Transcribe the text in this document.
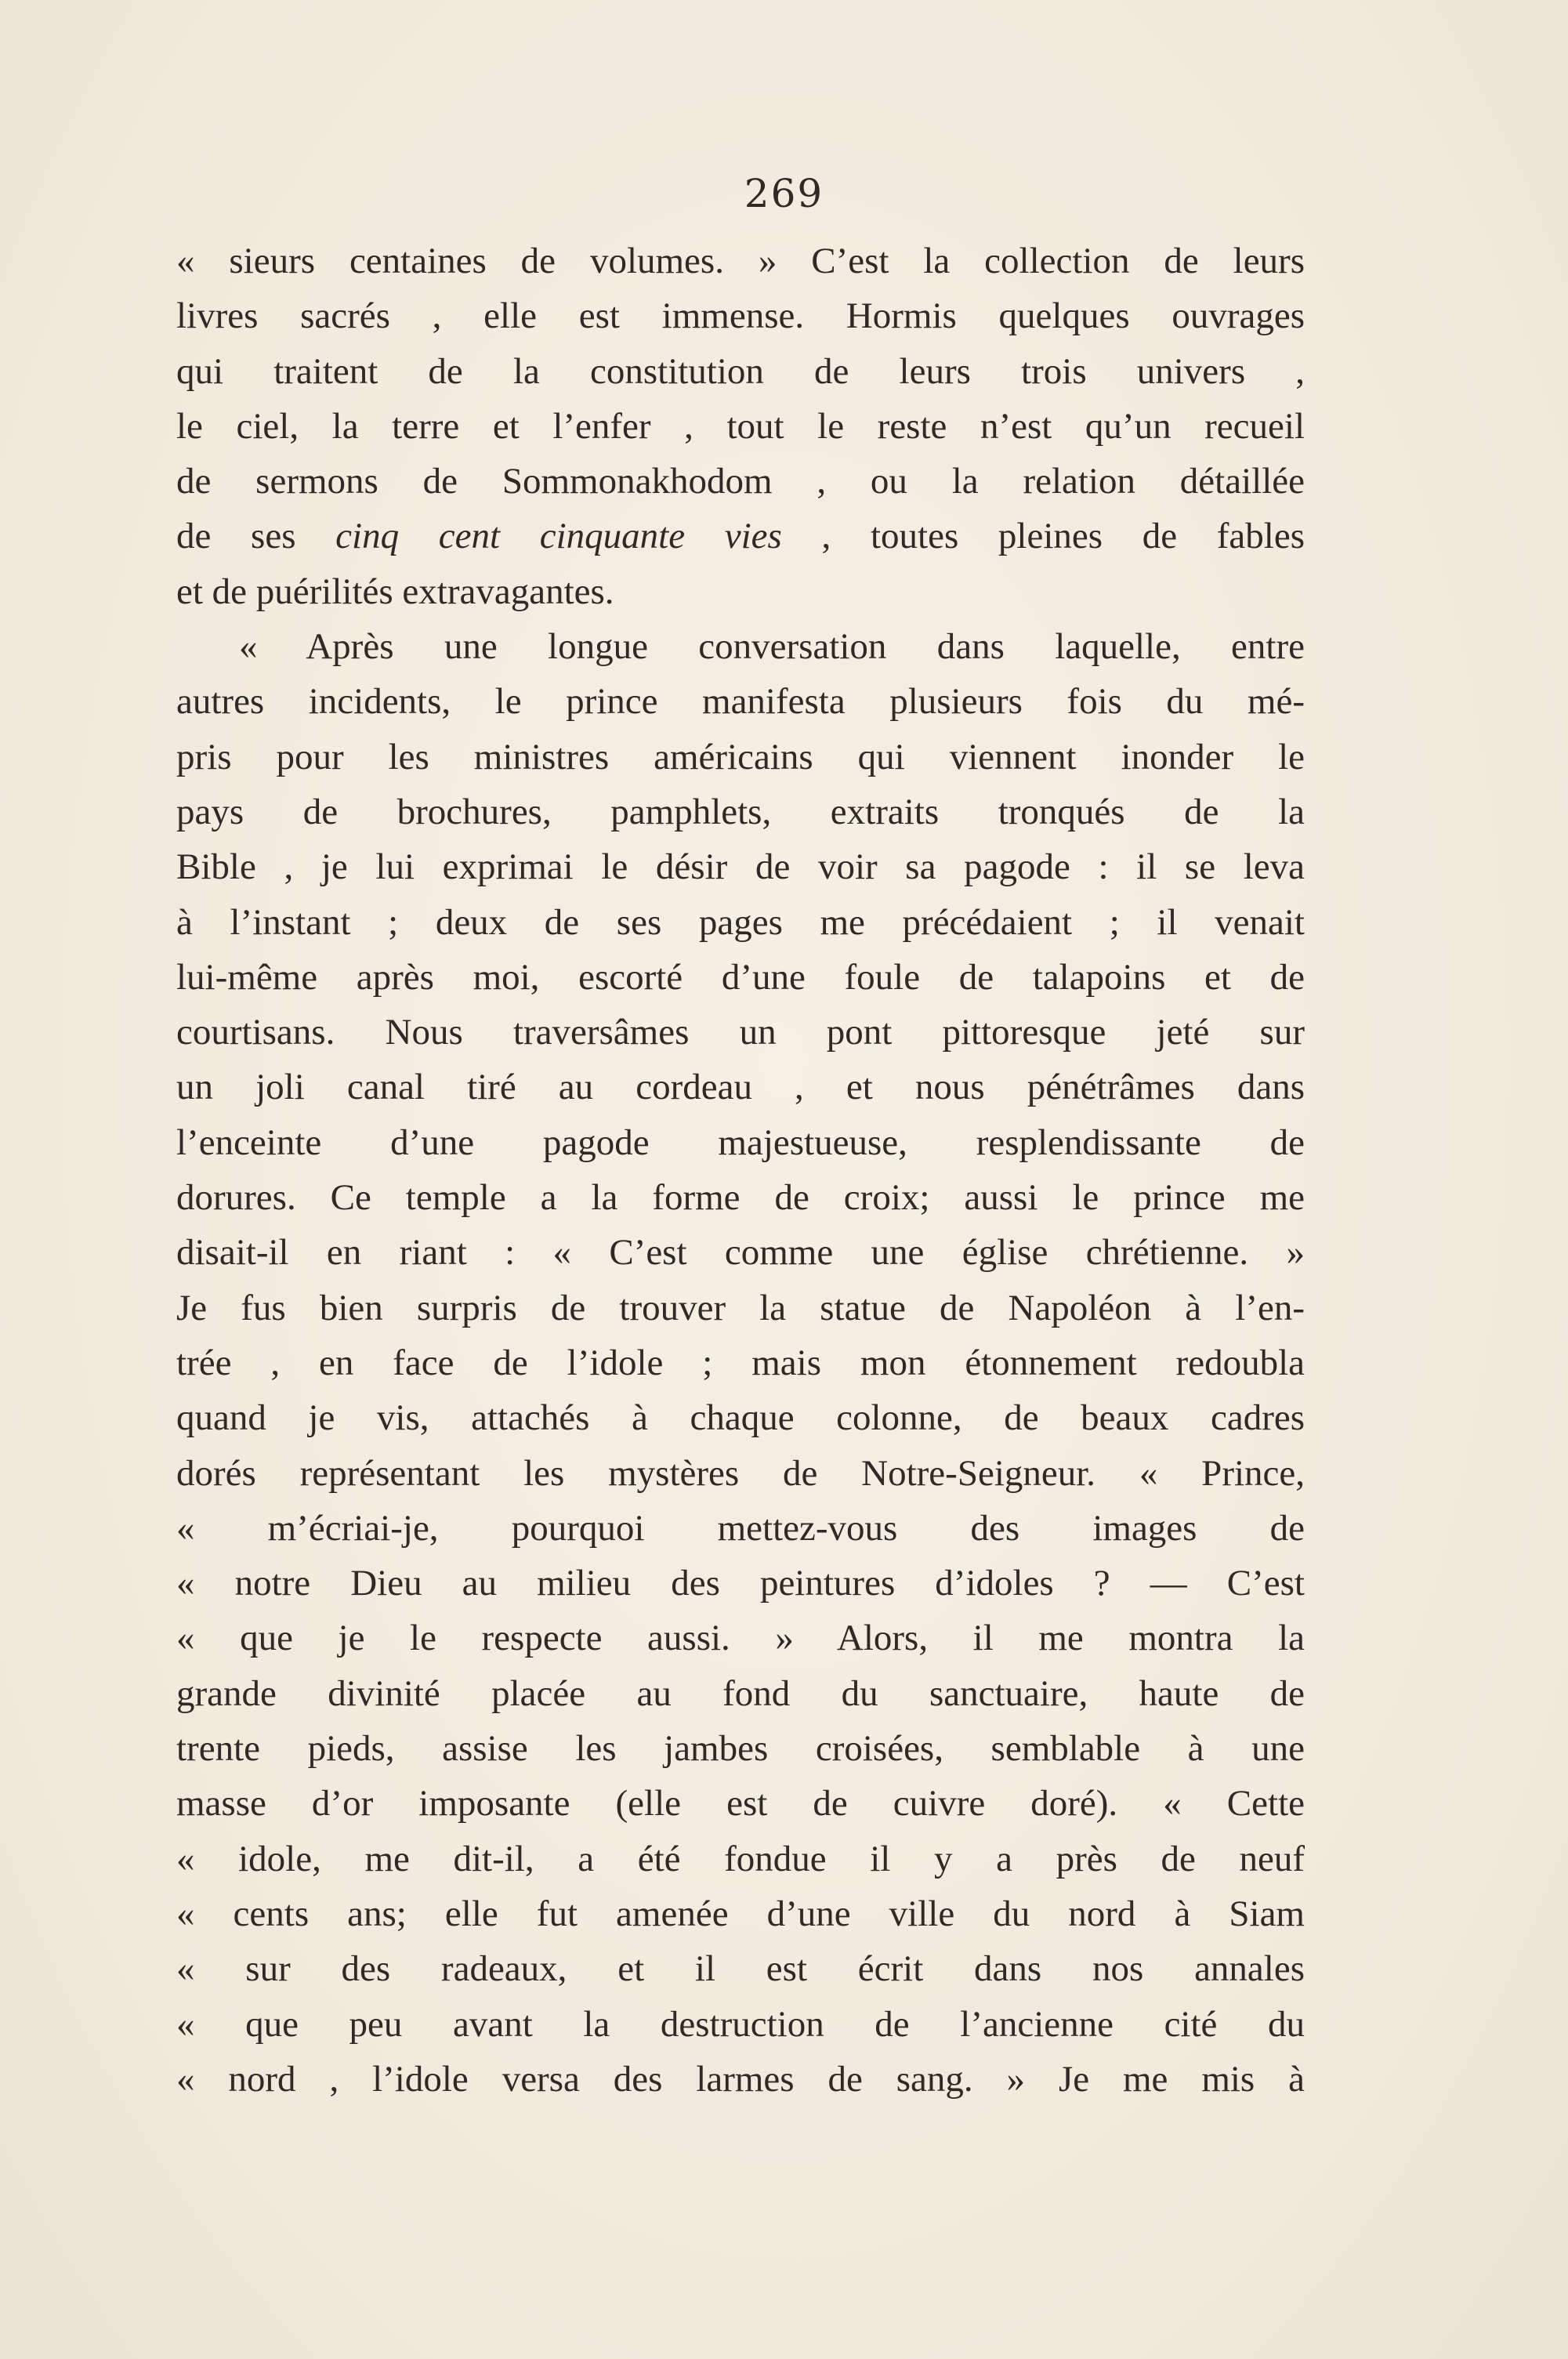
269
« sieurs centaines de volumes. » C’est la collection de leurs
livres sacrés , elle est immense. Hormis quelques ouvrages
qui traitent de la constitution de leurs trois univers ,
le ciel, la terre et l’enfer , tout le reste n’est qu’un recueil
de sermons de Sommonakhodom , ou la relation détaillée
de ses cinq cent cinquante vies , toutes pleines de fables
et de puérilités extravagantes.
« Après une longue conversation dans laquelle, entre
autres incidents, le prince manifesta plusieurs fois du mé-
pris pour les ministres américains qui viennent inonder le
pays de brochures, pamphlets, extraits tronqués de la
Bible , je lui exprimai le désir de voir sa pagode : il se leva
à l’instant ; deux de ses pages me précédaient ; il venait
lui-même après moi, escorté d’une foule de talapoins et de
courtisans. Nous traversâmes un pont pittoresque jeté sur
un joli canal tiré au cordeau , et nous pénétrâmes dans
l’enceinte d’une pagode majestueuse, resplendissante de
dorures. Ce temple a la forme de croix; aussi le prince me
disait-il en riant : « C’est comme une église chrétienne. »
Je fus bien surpris de trouver la statue de Napoléon à l’en-
trée , en face de l’idole ; mais mon étonnement redoubla
quand je vis, attachés à chaque colonne, de beaux cadres
dorés représentant les mystères de Notre-Seigneur. « Prince,
« m’écriai-je, pourquoi mettez-vous des images de
« notre Dieu au milieu des peintures d’idoles ? — C’est
« que je le respecte aussi. » Alors, il me montra la
grande divinité placée au fond du sanctuaire, haute de
trente pieds, assise les jambes croisées, semblable à une
masse d’or imposante (elle est de cuivre doré). « Cette
« idole, me dit-il, a été fondue il y a près de neuf
« cents ans; elle fut amenée d’une ville du nord à Siam
« sur des radeaux, et il est écrit dans nos annales
« que peu avant la destruction de l’ancienne cité du
« nord , l’idole versa des larmes de sang. » Je me mis à
